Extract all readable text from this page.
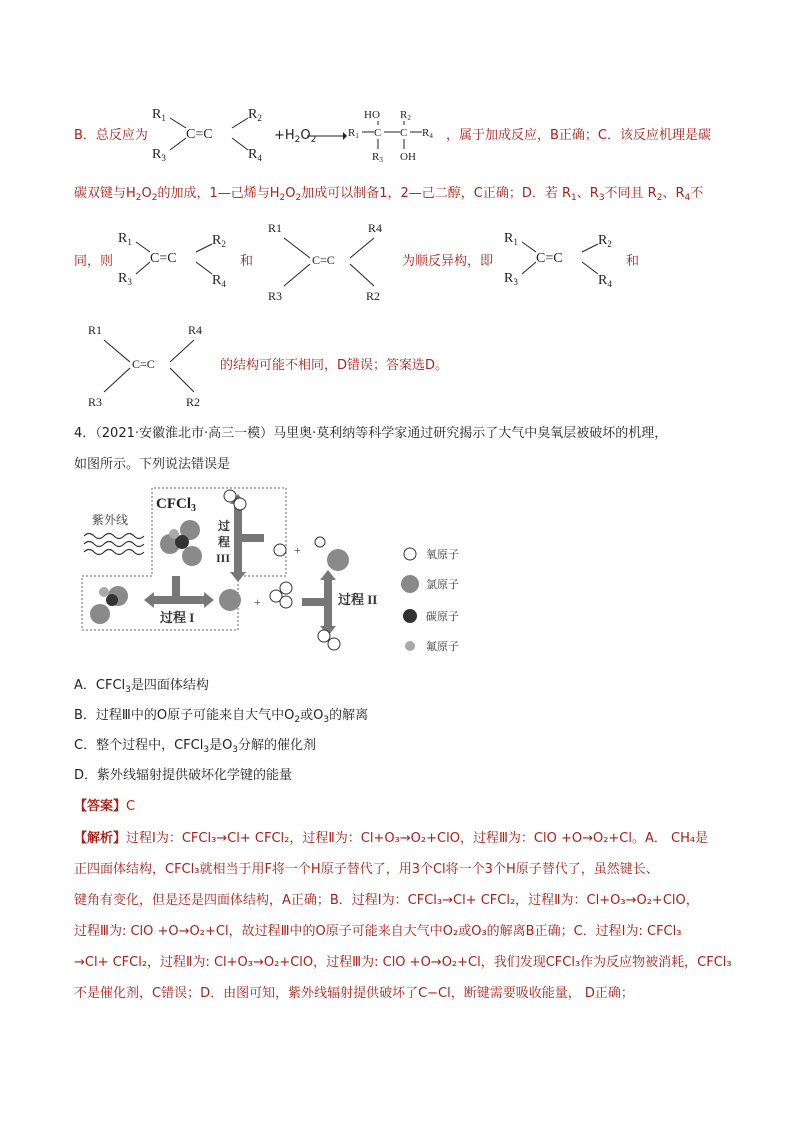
B．总反应为
$R_1$	$R_2$
$R_3$	$R_4$
C=C	$+H_2O_2$
HO R2
R1 C C R4
R3 OH
，属于加成反应，B正确；C．该反应机理是碳
碳双键与$H_2O_2$的加成，1—己烯与$H_2O_2$加成可以制备1，2—己二醇，C正确；D．若 $R_1$、$R_3$不同且 $R_2$、$R_4$不
同，则
$R_1$	$R_2$
$R_3$	$R_4$
C=C	和
R1	R4
C=C
R3	R2
为顺反异构，即
$R_1$	$R_2$
$R_3$	$R_4$
C=C	和
R1	R4
C=C
R3	R2
的结构可能不相同，D错误；答案选D。
4．（2021·安徽淮北市·高三一模）马里奥·莫利纳等科学家通过研究揭示了大气中臭氧层被破坏的机理，
如图所示。下列说法错误是
紫外线
CFCl$_3$
过
程
III
+
过程 I
+	过程 II
氧原子
氯原子
碳原子
氟原子
A．CFCl$_3$是四面体结构
B．过程Ⅲ中的O原子可能来自大气中$O_2$或$O_3$的解离
C．整个过程中，CFCl$_3$是$O_3$分解的催化剂
D．紫外线辐射提供破坏化学键的能量
【答案】C
【解析】过程Ⅰ为：CFCl₃→Cl+ CFCl₂，过程Ⅱ为：Cl+O₃→O₂+ClO，过程Ⅲ为：ClO +O→O₂+Cl。A． CH₄是
正四面体结构，CFCl₃就相当于用F将一个H原子替代了，用3个Cl将一个3个H原子替代了，虽然键长、
键角有变化，但是还是四面体结构，A正确；B．过程Ⅰ为：CFCl₃→Cl+ CFCl₂，过程Ⅱ为：Cl+O₃→O₂+ClO，
过程Ⅲ为: ClO +O→O₂+Cl，故过程Ⅲ中的O原子可能来自大气中O₂或O₃的解离B正确；C．过程Ⅰ为: CFCl₃
→Cl+ CFCl₂，过程Ⅱ为: Cl+O₃→O₂+ClO，过程Ⅲ为: ClO +O→O₂+Cl，我们发现CFCl₃作为反应物被消耗，CFCl₃
不是催化剂，C错误；D．由图可知，紫外线辐射提供破坏了C−Cl，断键需要吸收能量， D正确；
